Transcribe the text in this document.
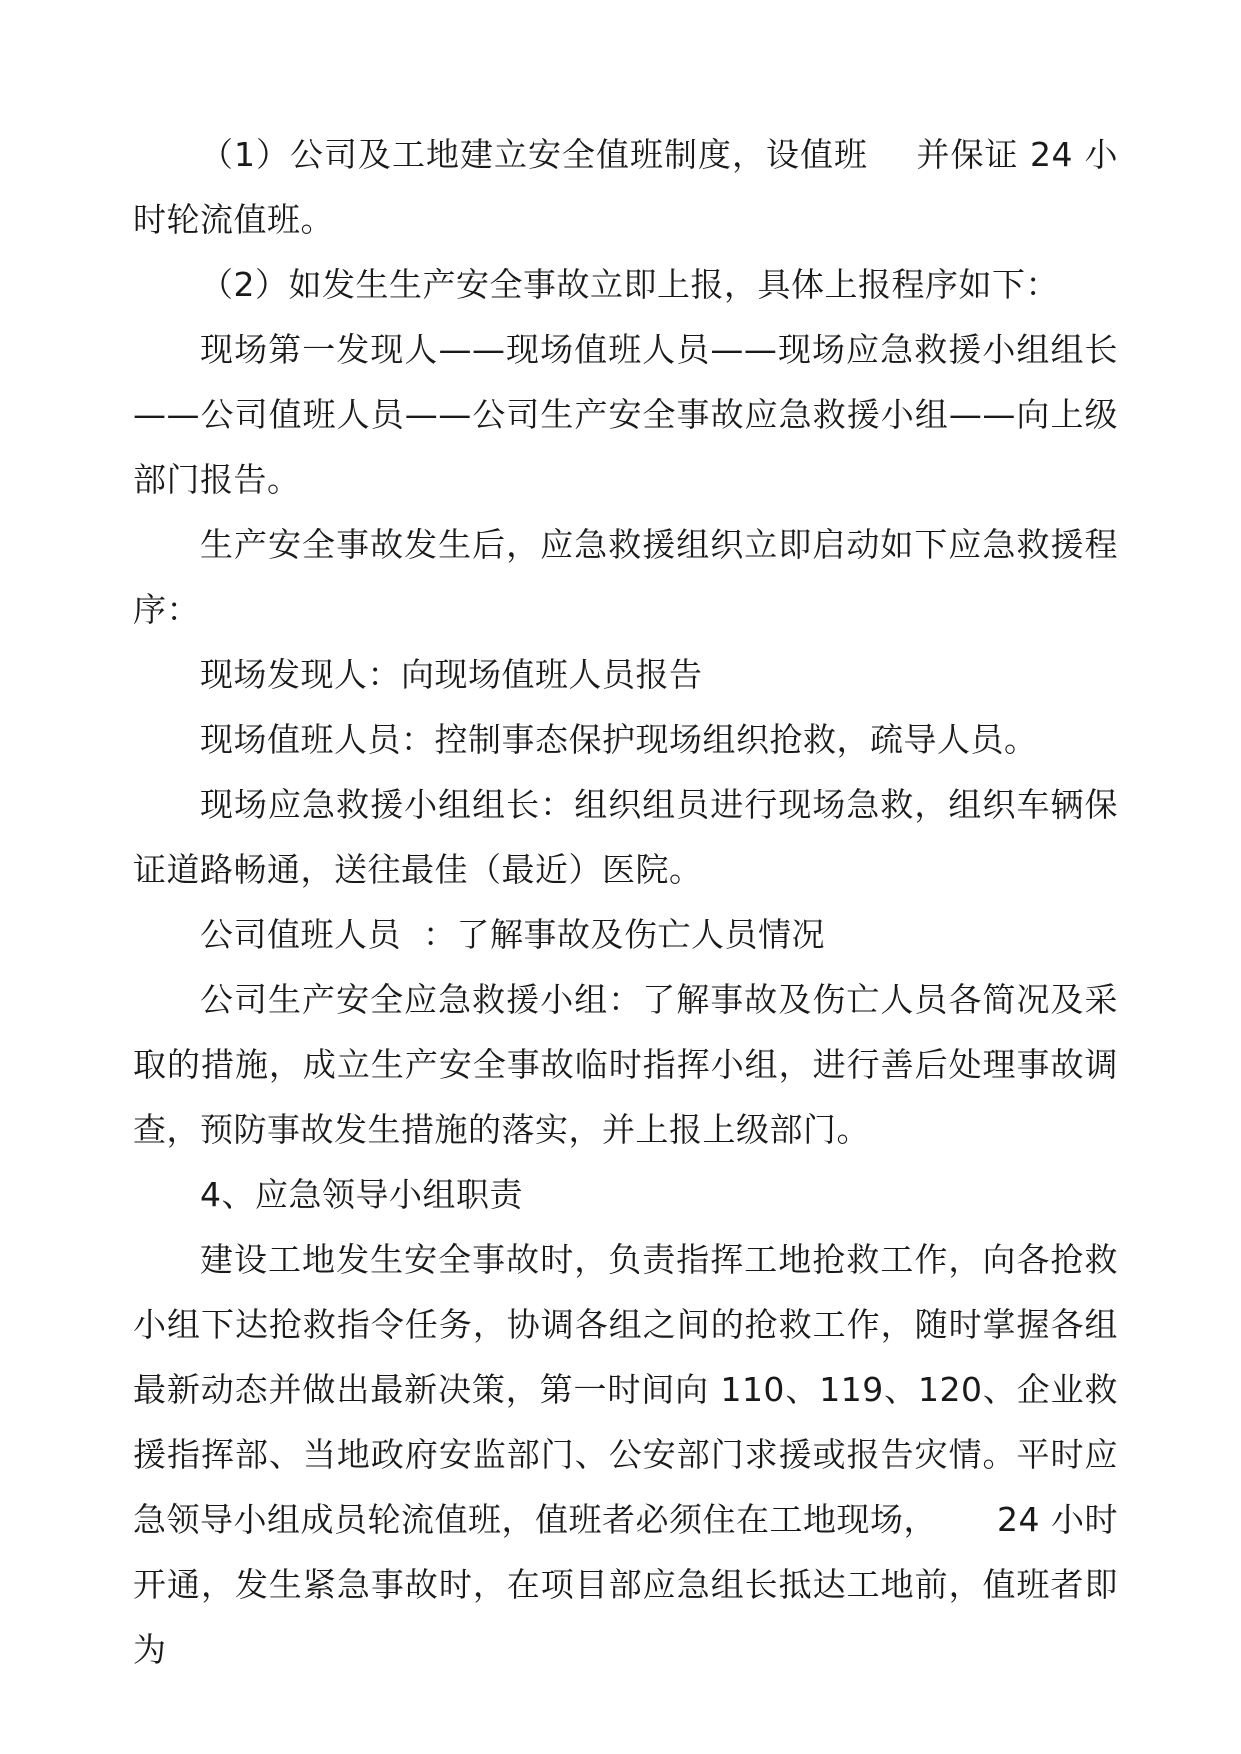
（1）公司及工地建立安全值班制度，设值班 并保证 24 小时轮流值班。

（2）如发生生产安全事故立即上报，具体上报程序如下：

现场第一发现人——现场值班人员——现场应急救援小组组长——公司值班人员——公司生产安全事故应急救援小组——向上级部门报告。

生产安全事故发生后，应急救援组织立即启动如下应急救援程序：

现场发现人：向现场值班人员报告

现场值班人员：控制事态保护现场组织抢救，疏导人员。

现场应急救援小组组长：组织组员进行现场急救，组织车辆保证道路畅通，送往最佳（最近）医院。

公司值班人员 ：了解事故及伤亡人员情况

公司生产安全应急救援小组：了解事故及伤亡人员各简况及采取的措施，成立生产安全事故临时指挥小组，进行善后处理事故调查，预防事故发生措施的落实，并上报上级部门。

4、应急领导小组职责

建设工地发生安全事故时，负责指挥工地抢救工作，向各抢救小组下达抢救指令任务，协调各组之间的抢救工作，随时掌握各组最新动态并做出最新决策，第一时间向 110、119、120、企业救援指挥部、当地政府安监部门、公安部门求援或报告灾情。平时应急领导小组成员轮流值班，值班者必须住在工地现场， 24 小时开通，发生紧急事故时，在项目部应急组长抵达工地前，值班者即为
